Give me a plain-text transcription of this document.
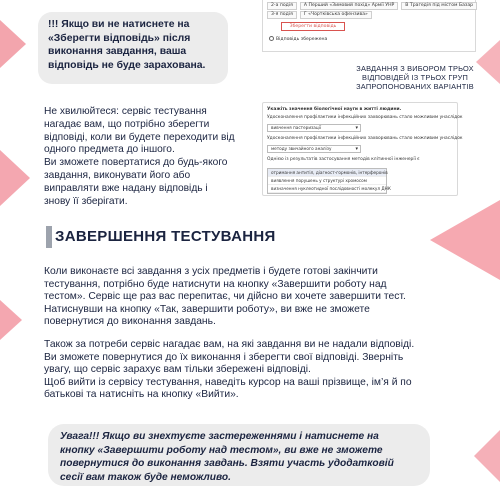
!!! Якщо ви не натиснете на «Зберегти відповідь» після виконання завдання, ваша відповідь не буде зарахована.
2-а подія А Перший «Зимовий похід» Армії УНР В Трагедія під містом Базар
3-я подія Г «Чортківська офензива»
Зберегти відповідь
Відповідь збережена
ЗАВДАННЯ З ВИБОРОМ ТРЬОХ ВІДПОВІДЕЙ ІЗ ТРЬОХ ГРУП ЗАПРОПОНОВАНИХ ВАРІАНТІВ
Укажіть значення біологічної науги в житті людини.
Удосконалення профілактики інфекційних захворювань стало можливим унаслідок
вивчення пастеризації ▾
Удосконалення профілактики інфекційних захворювань стало можливим унаслідок
методу звичайного аналізу ▾
Однією із результатів застосування методів клітинної інженерії є
отримання антитіл, діагност-гормонів, інтерферонів
виявлення порушень у структурі хромосом
визначення нуклеотидної послідовності молекул ДНК
Не хвилюйтеся: сервіс тестування
нагадає вам, що потрібно зберегти
відповіді, коли ви будете переходити від
одного предмета до іншого.
Ви зможете повертатися до будь-якого
завдання, виконувати його або
виправляти вже надану відповідь і
знову її зберігати.
ЗАВЕРШЕННЯ ТЕСТУВАННЯ
Коли виконаєте всі завдання з усіх предметів і будете готові закінчити
тестування, потрібно буде натиснути на кнопку «Завершити роботу над
тестом». Сервіс ще раз вас перепитає, чи дійсно ви хочете завершити тест.
Натиснувши на кнопку «Так, завершити роботу», ви вже не зможете
повернутися до виконання завдань.
Також за потреби сервіс нагадає вам, на які завдання ви не надали відповіді.
Ви зможете повернутися до їх виконання і зберегти свої відповіді. Зверніть
увагу, що сервіс зарахує вам тільки збережені відповіді.
Щоб вийти із сервісу тестування, наведіть курсор на ваші прізвище, ім’я й по
батькові та натисніть на кнопку «Вийти».
Увага!!! Якщо ви знехтуєте застереженнями і натиснете на
кнопку «Завершити роботу над тестом», ви вже не зможете
повернутися до виконання завдань. Взяти участь удодатковій
сесії вам також буде неможливо.
